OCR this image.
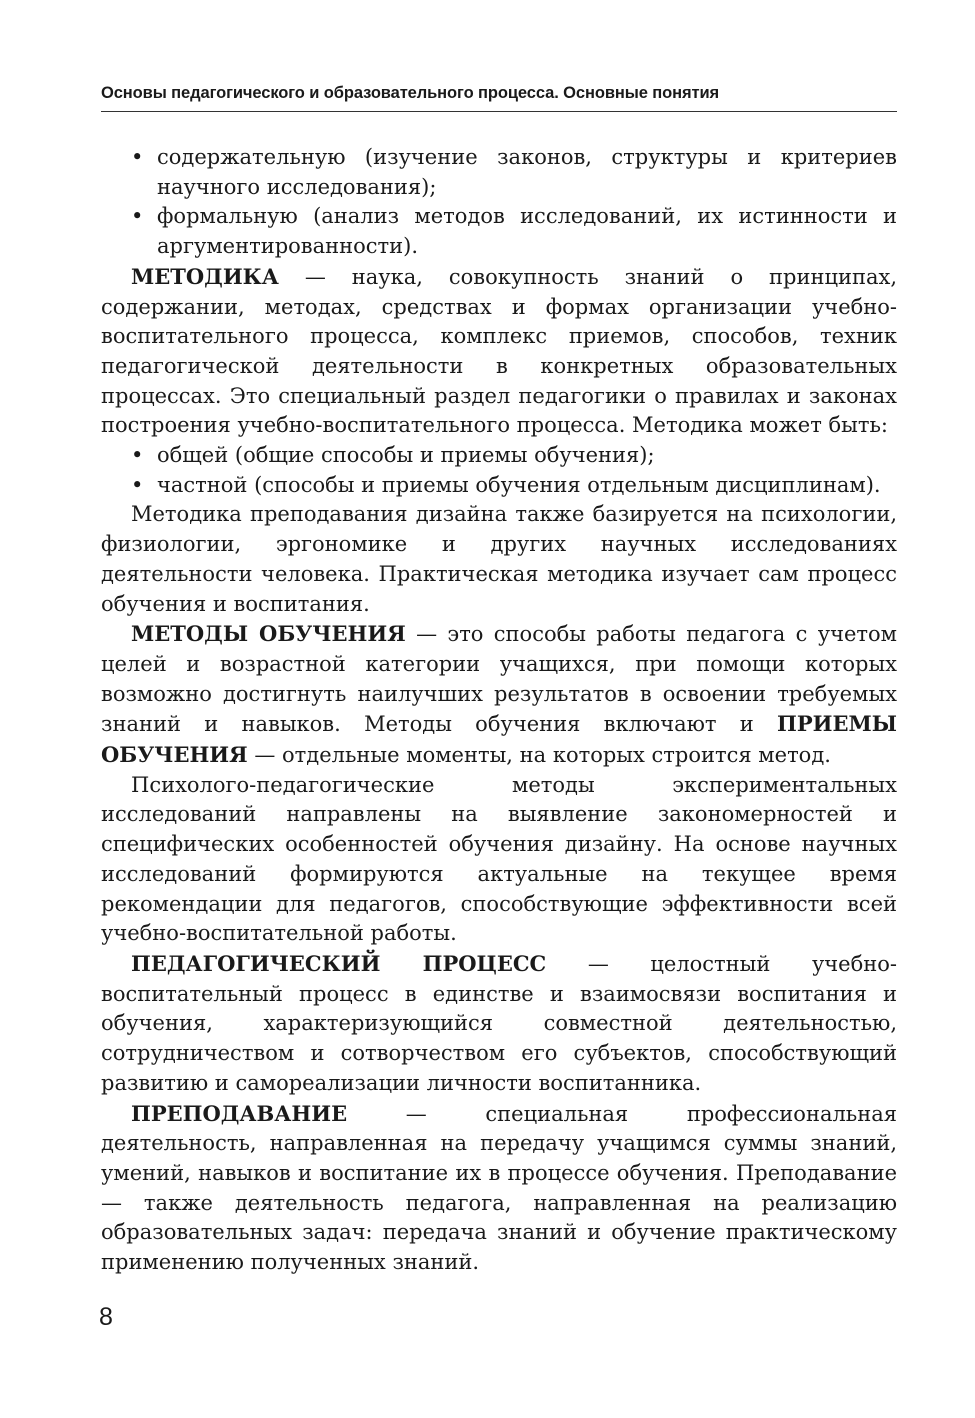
Основы педагогического и образовательного процесса. Основные понятия
• содержательную (изучение законов, структуры и критериев научного исследования);
• формальную (анализ методов исследований, их истинности и аргументированности).

МЕТОДИКА — наука, совокупность знаний о принципах, содержании, методах, средствах и формах организации учебно-воспитательного процесса, комплекс приемов, способов, техник педагогической деятельности в конкретных образовательных процессах. Это специальный раздел педагогики о правилах и законах построения учебно-воспитательного процесса. Методика может быть:

• общей (общие способы и приемы обучения);
• частной (способы и приемы обучения отдельным дисциплинам).

Методика преподавания дизайна также базируется на психологии, физиологии, эргономике и других научных исследованиях деятельности человека. Практическая методика изучает сам процесс обучения и воспитания.

МЕТОДЫ ОБУЧЕНИЯ — это способы работы педагога с учетом целей и возрастной категории учащихся, при помощи которых возможно достигнуть наилучших результатов в освоении требуемых знаний и навыков. Методы обучения включают и ПРИЕМЫ ОБУЧЕНИЯ — отдельные моменты, на которых строится метод.

Психолого-педагогические методы экспериментальных исследований направлены на выявление закономерностей и специфических особенностей обучения дизайну. На основе научных исследований формируются актуальные на текущее время рекомендации для педагогов, способствующие эффективности всей учебно-воспитательной работы.

ПЕДАГОГИЧЕСКИЙ ПРОЦЕСС — целостный учебно-воспитательный процесс в единстве и взаимосвязи воспитания и обучения, характеризующийся совместной деятельностью, сотрудничеством и сотворчеством его субъектов, способствующий развитию и самореализации личности воспитанника.

ПРЕПОДАВАНИЕ — специальная профессиональная деятельность, направленная на передачу учащимся суммы знаний, умений, навыков и воспитание их в процессе обучения. Преподавание — также деятельность педагога, направленная на реализацию образовательных задач: передача знаний и обучение практическому применению полученных знаний.

8
